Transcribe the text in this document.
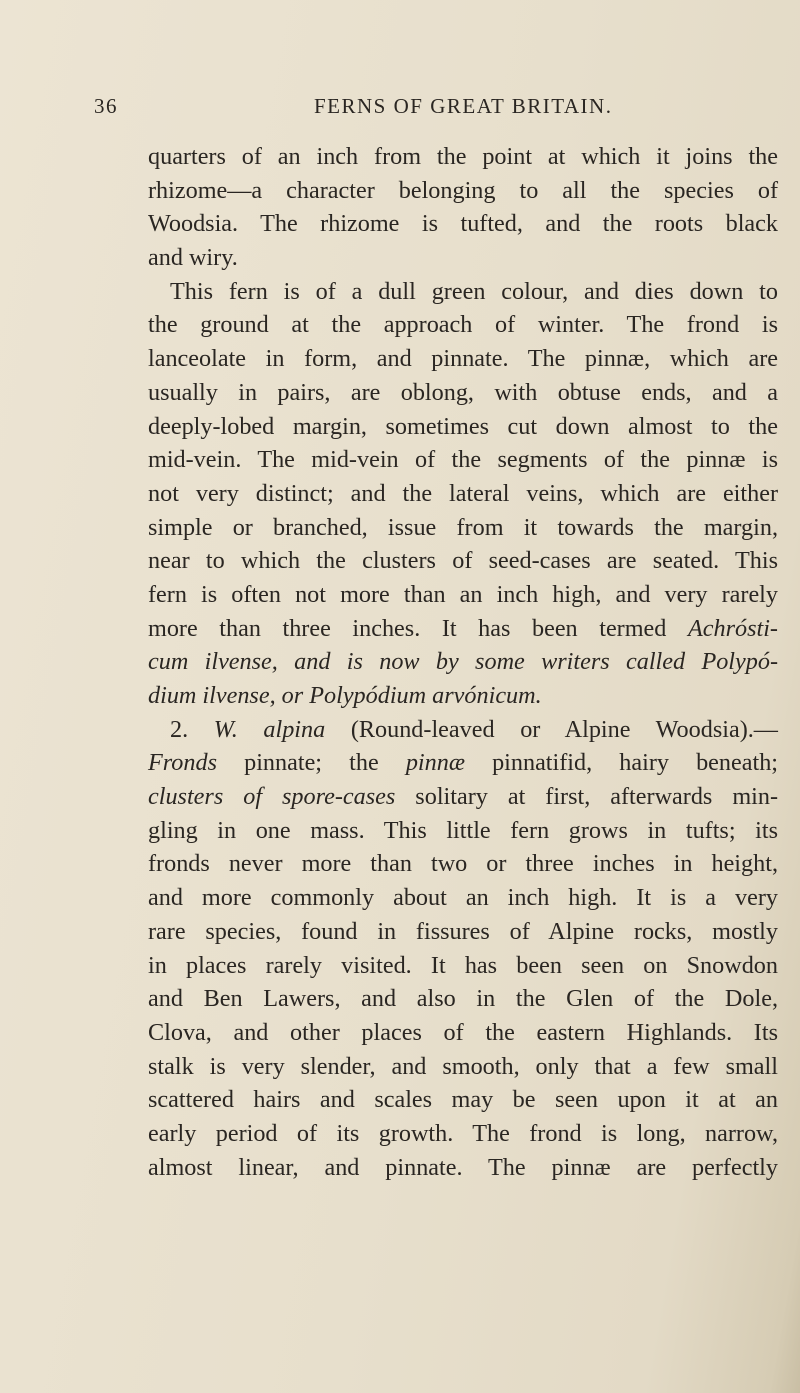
36	FERNS OF GREAT BRITAIN.
quarters of an inch from the point at which it joins the
rhizome—a character belonging to all the species of
Woodsia. The rhizome is tufted, and the roots black
and wiry.
This fern is of a dull green colour, and dies down to
the ground at the approach of winter. The frond is
lanceolate in form, and pinnate. The pinnæ, which are
usually in pairs, are oblong, with obtuse ends, and a
deeply-lobed margin, sometimes cut down almost to the
mid-vein. The mid-vein of the segments of the pinnæ is
not very distinct; and the lateral veins, which are either
simple or branched, issue from it towards the margin,
near to which the clusters of seed-cases are seated. This
fern is often not more than an inch high, and very rarely
more than three inches. It has been termed Achrósti-
cum ilvense, and is now by some writers called Polypó-
dium ilvense, or Polypódium arvónicum.
2. W. alpina (Round-leaved or Alpine Woodsia).—
Fronds pinnate; the pinnæ pinnatifid, hairy beneath;
clusters of spore-cases solitary at first, afterwards min-
gling in one mass. This little fern grows in tufts; its
fronds never more than two or three inches in height,
and more commonly about an inch high. It is a very
rare species, found in fissures of Alpine rocks, mostly
in places rarely visited. It has been seen on Snowdon
and Ben Lawers, and also in the Glen of the Dole,
Clova, and other places of the eastern Highlands. Its
stalk is very slender, and smooth, only that a few small
scattered hairs and scales may be seen upon it at an
early period of its growth. The frond is long, narrow,
almost linear, and pinnate. The pinnæ are perfectly
